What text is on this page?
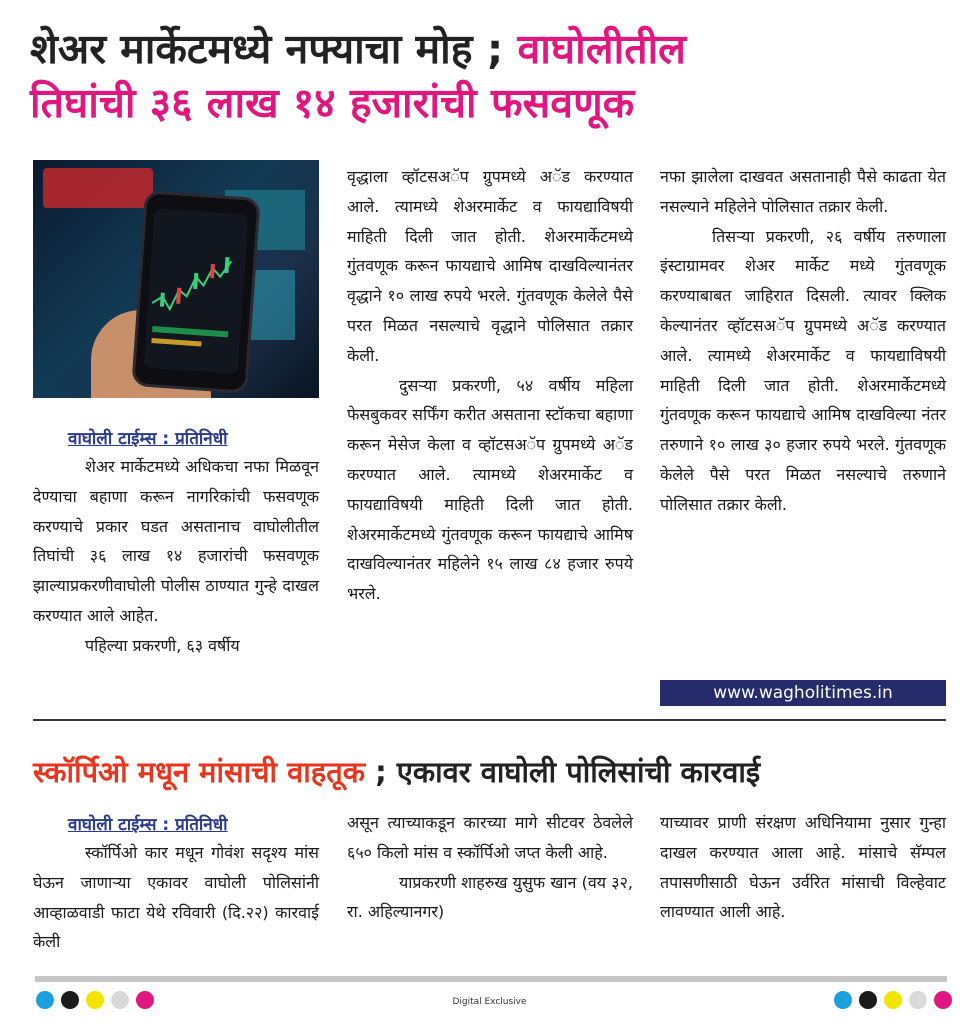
शेअर मार्केटमध्ये नफ्याचा मोह ; वाघोलीतील
तिघांची ३६ लाख १४ हजारांची फसवणूक
वाघोली टाईम्स : प्रतिनिधी

शेअर मार्केटमध्ये अधिकचा नफा मिळवून देण्याचा बहाणा करून नागरिकांची फसवणूक करण्याचे प्रकार घडत असतानाच वाघोलीतील तिघांची ३६ लाख १४ हजारांची फसवणूक झाल्याप्रकरणीवाघोली पोलीस ठाण्यात गुन्हे दाखल करण्यात आले आहेत.

पहिल्या प्रकरणी, ६३ वर्षीय

वृद्धाला व्हॉटसअॅप ग्रुपमध्ये अॅड करण्यात आले. त्यामध्ये शेअरमार्केट व फायद्याविषयी माहिती दिली जात होती. शेअरमार्केटमध्ये गुंतवणूक करून फायद्याचे आमिष दाखविल्यानंतर वृद्धाने १० लाख रुपये भरले. गुंतवणूक केलेले पैसे परत मिळत नसल्याचे वृद्धाने पोलिसात तक्रार केली.

दुसऱ्या प्रकरणी, ५४ वर्षीय महिला फेसबुकवर सर्फिंग करीत असताना स्टॉकचा बहाणा करून मेसेज केला व व्हॉटसअॅप ग्रुपमध्ये अॅड करण्यात आले. त्यामध्ये शेअरमार्केट व फायद्याविषयी माहिती दिली जात होती. शेअरमार्केटमध्ये गुंतवणूक करून फायद्याचे आमिष दाखविल्यानंतर महिलेने १५ लाख ८४ हजार रुपये भरले.

नफा झालेला दाखवत असतानाही पैसे काढता येत नसल्याने महिलेने पोलिसात तक्रार केली.

तिसऱ्या प्रकरणी, २६ वर्षीय तरुणाला इंस्टाग्रामवर शेअर मार्केट मध्ये गुंतवणूक करण्याबाबत जाहिरात दिसली. त्यावर क्लिक केल्यानंतर व्हॉटसअॅप ग्रुपमध्ये अॅड करण्यात आले. त्यामध्ये शेअरमार्केट व फायद्याविषयी माहिती दिली जात होती. शेअरमार्केटमध्ये गुंतवणूक करून फायद्याचे आमिष दाखविल्या नंतर तरुणाने १० लाख ३० हजार रुपये भरले. गुंतवणूक केलेले पैसे परत मिळत नसल्याचे तरुणाने पोलिसात तक्रार केली.

www.wagholitimes.in
स्कॉर्पिओ मधून मांसाची वाहतूक ; एकावर वाघोली पोलिसांची कारवाई
वाघोली टाईम्स : प्रतिनिधी

स्कॉर्पिओ कार मधून गोवंश सदृश्य मांस घेऊन जाणाऱ्या एकावर वाघोली पोलिसांनी आव्हाळवाडी फाटा येथे रविवारी (दि.२२) कारवाई केली

असून त्याच्याकडून कारच्या मागे सीटवर ठेवलेले ६५० किलो मांस व स्कॉर्पिओ जप्त केली आहे.

याप्रकरणी शाहरुख युसुफ खान (वय ३२, रा. अहिल्यानगर)

याच्यावर प्राणी संरक्षण अधिनियामा नुसार गुन्हा दाखल करण्यात आला आहे. मांसाचे सॅम्पल तपासणीसाठी घेऊन उर्वरित मांसाची विल्हेवाट लावण्यात आली आहे.

Digital Exclusive
